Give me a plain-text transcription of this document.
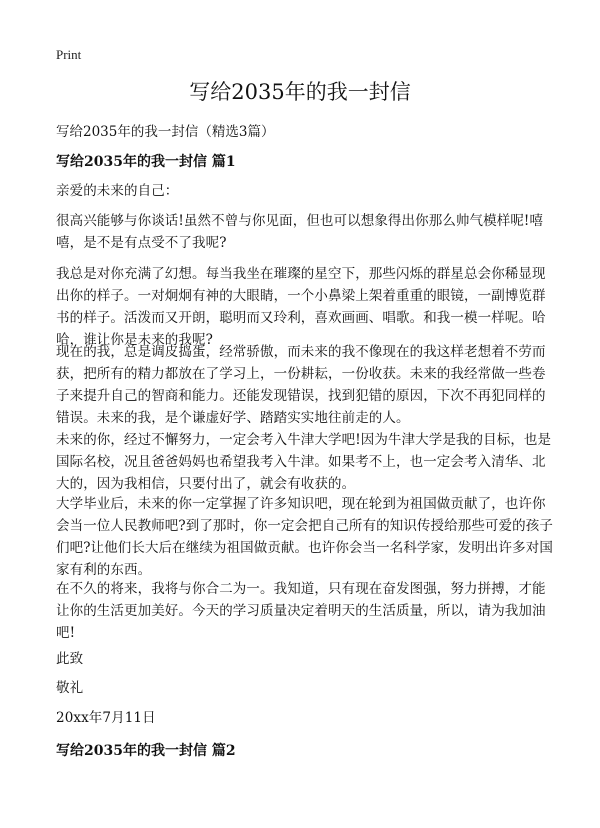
Print
写给2035年的我一封信

写给2035年的我一封信（精选3篇）

写给2035年的我一封信 篇1

亲爱的未来的自己：

很高兴能够与你谈话!虽然不曾与你见面，但也可以想象得出你那么帅气模样呢!嘻嘻，是不是有点受不了我呢?

我总是对你充满了幻想。每当我坐在璀璨的星空下，那些闪烁的群星总会你稀显现出你的样子。一对炯炯有神的大眼睛，一个小鼻梁上架着重重的眼镜，一副博览群书的样子。活泼而又开朗，聪明而又玲利，喜欢画画、唱歌。和我一模一样呢。哈哈，谁让你是未来的我呢?

现在的我，总是调皮捣蛋，经常骄傲，而未来的我不像现在的我这样老想着不劳而获，把所有的精力都放在了学习上，一份耕耘，一份收获。未来的我经常做一些卷子来提升自己的智商和能力。还能发现错误，找到犯错的原因，下次不再犯同样的错误。未来的我，是个谦虚好学、踏踏实实地往前走的人。

未来的你，经过不懈努力，一定会考入牛津大学吧!因为牛津大学是我的目标，也是国际名校，况且爸爸妈妈也希望我考入牛津。如果考不上，也一定会考入清华、北大的，因为我相信，只要付出了，就会有收获的。

大学毕业后，未来的你一定掌握了许多知识吧，现在轮到为祖国做贡献了，也许你会当一位人民教师吧?到了那时，你一定会把自己所有的知识传授给那些可爱的孩子们吧?让他们长大后在继续为祖国做贡献。也许你会当一名科学家，发明出许多对国家有利的东西。

在不久的将来，我将与你合二为一。我知道，只有现在奋发图强，努力拼搏，才能让你的生活更加美好。今天的学习质量决定着明天的生活质量，所以，请为我加油吧!

此致

敬礼

20xx年7月11日

写给2035年的我一封信 篇2
